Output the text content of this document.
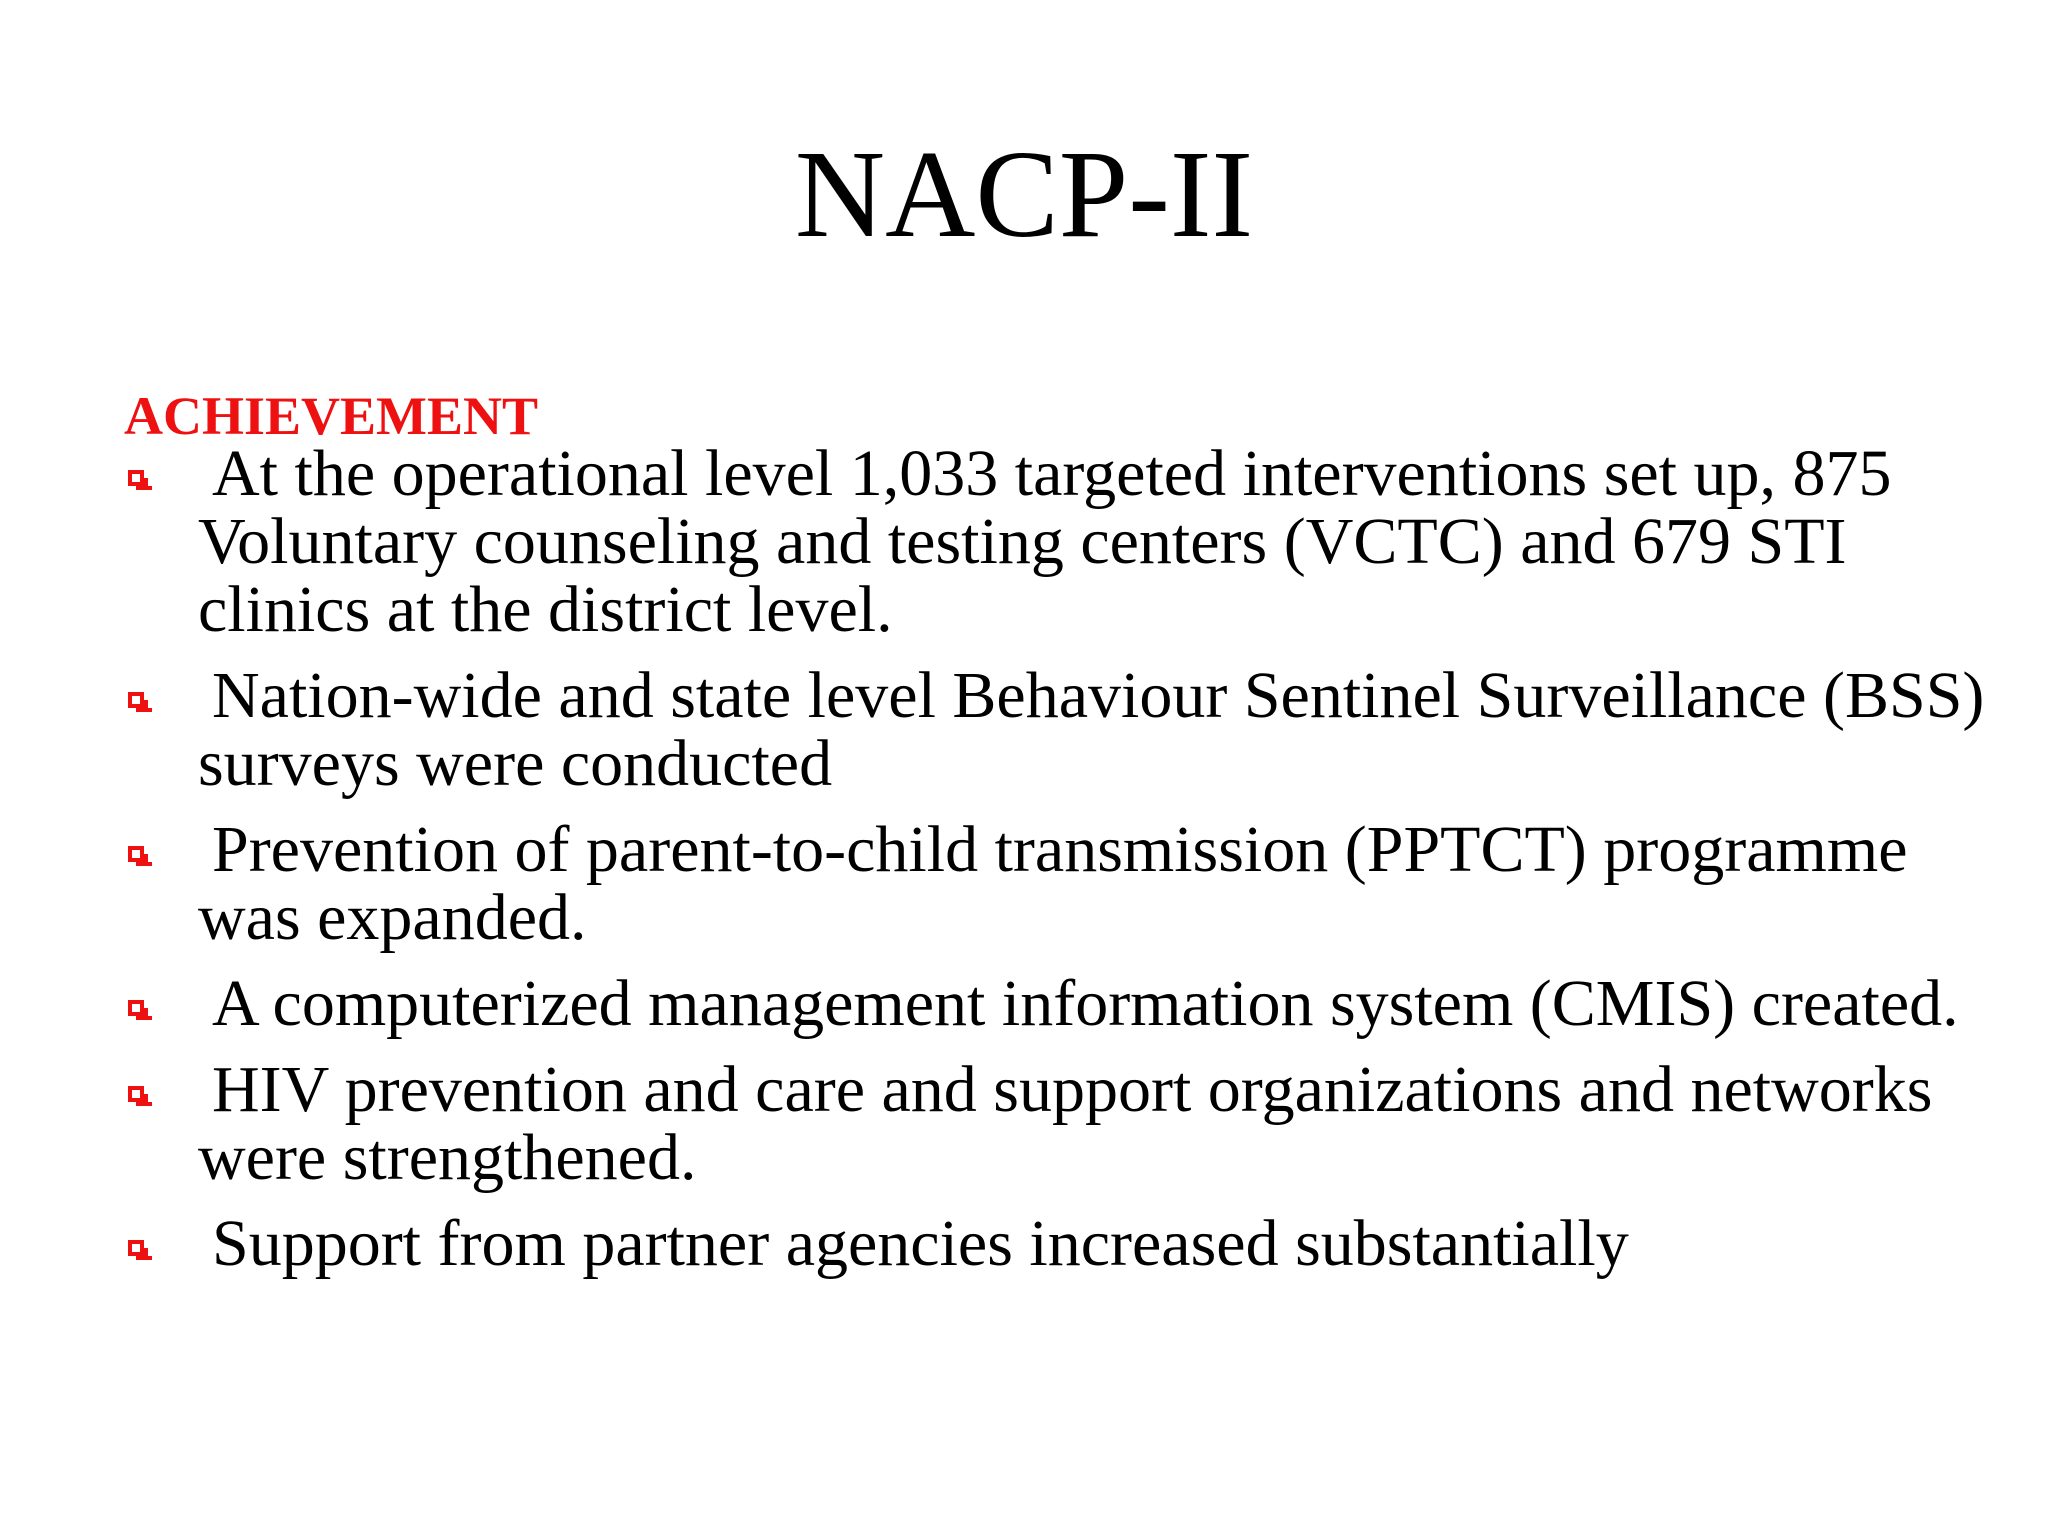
NACP-II
ACHIEVEMENT
At the operational level 1,033 targeted interventions set up, 875 Voluntary counseling and testing centers (VCTC) and 679 STI clinics at the district level.
Nation-wide and state level Behaviour Sentinel Surveillance (BSS) surveys were conducted
Prevention of parent-to-child transmission (PPTCT) programme was expanded.
A computerized management information system (CMIS) created.
HIV prevention and care and support organizations and networks were strengthened.
Support from partner agencies increased substantially
